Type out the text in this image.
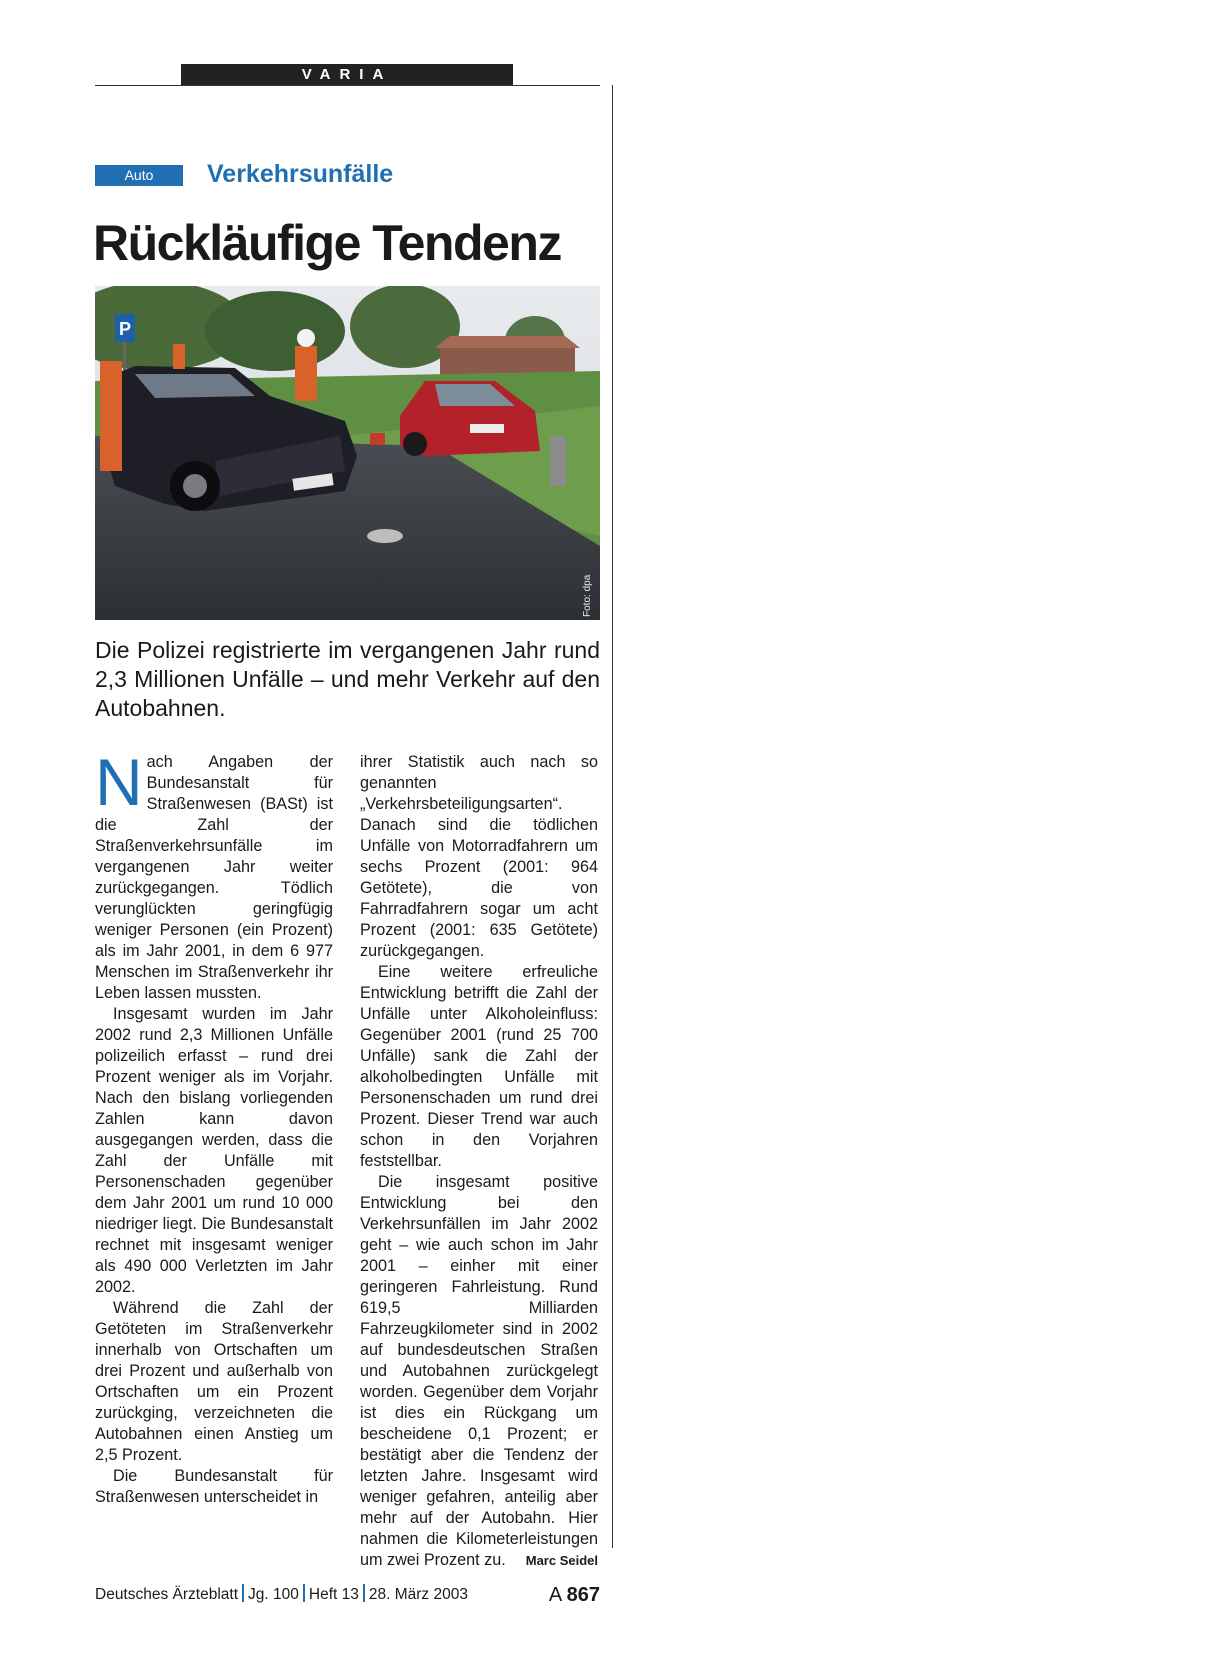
VARIA
Auto	Verkehrsunfälle
Rückläufige Tendenz
P
Foto: dpa

Die Polizei registrierte im vergangenen Jahr rund 2,3 Millionen Unfälle – und mehr Verkehr auf den Autobahnen.

Nach Angaben der Bundesanstalt für Straßenwesen (BASt) ist die Zahl der Straßenverkehrsunfälle im vergangenen Jahr weiter zurückgegangen. Tödlich verunglückten geringfügig weniger Personen (ein Prozent) als im Jahr 2001, in dem 6 977 Menschen im Straßenverkehr ihr Leben lassen mussten.

Insgesamt wurden im Jahr 2002 rund 2,3 Millionen Unfälle polizeilich erfasst – rund drei Prozent weniger als im Vorjahr. Nach den bislang vorliegenden Zahlen kann davon ausgegangen werden, dass die Zahl der Unfälle mit Personenschaden gegenüber dem Jahr 2001 um rund 10 000 niedriger liegt. Die Bundesanstalt rechnet mit insgesamt weniger als 490 000 Verletzten im Jahr 2002.

Während die Zahl der Getöteten im Straßenverkehr innerhalb von Ortschaften um drei Prozent und außerhalb von Ortschaften um ein Prozent zurückging, verzeichneten die Autobahnen einen Anstieg um 2,5 Prozent.

Die Bundesanstalt für Straßenwesen unterscheidet in

ihrer Statistik auch nach so genannten „Verkehrsbeteiligungsarten“. Danach sind die tödlichen Unfälle von Motorradfahrern um sechs Prozent (2001: 964 Getötete), die von Fahrradfahrern sogar um acht Prozent (2001: 635 Getötete) zurückgegangen.

Eine weitere erfreuliche Entwicklung betrifft die Zahl der Unfälle unter Alkoholeinfluss: Gegenüber 2001 (rund 25 700 Unfälle) sank die Zahl der alkoholbedingten Unfälle mit Personenschaden um rund drei Prozent. Dieser Trend war auch schon in den Vorjahren feststellbar.

Die insgesamt positive Entwicklung bei den Verkehrsunfällen im Jahr 2002 geht – wie auch schon im Jahr 2001 – einher mit einer geringeren Fahrleistung. Rund 619,5 Milliarden Fahrzeugkilometer sind in 2002 auf bundesdeutschen Straßen und Autobahnen zurückgelegt worden. Gegenüber dem Vorjahr ist dies ein Rückgang um bescheidene 0,1 Prozent; er bestätigt aber die Tendenz der letzten Jahre. Insgesamt wird weniger gefahren, anteilig aber mehr auf der Autobahn. Hier nahmen die Kilometerleistungen um zwei Prozent zu.	Marc Seidel

Deutsches Ärzteblatt Jg. 100 Heft 13 28. März 2003	A 867
